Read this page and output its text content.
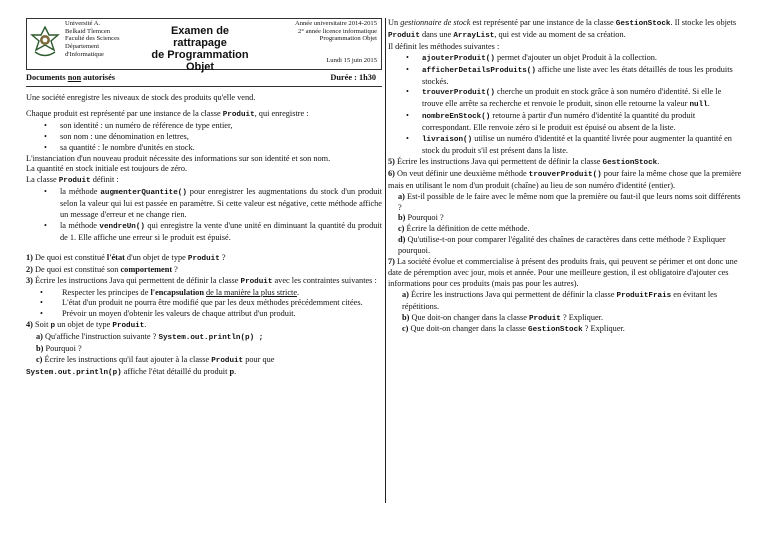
Université A.
Belkaid Tlemcen
Faculté des Sciences
Département
d'Informatique
Examen de rattrapage
de Programmation
Objet
Année universitaire 2014-2015
2° année licence informatique
Programmation Objet
Lundi 15 juin 2015
Documents non autorisés	Durée : 1h30

Une société enregistre les niveaux de stock des produits qu'elle vend.

Chaque produit est représenté par une instance de la classe Produit, qui enregistre :

• son identité : un numéro de référence de type entier,
• son nom : une dénomination en lettres,
• sa quantité : le nombre d'unités en stock.

L'instanciation d'un nouveau produit nécessite des informations sur son identité et son nom.

La quantité en stock initiale est toujours de zéro.

La classe Produit définit :

• la méthode augmenterQuantite() pour enregistrer les augmentations du stock d'un produit selon la valeur qui lui est passée en paramètre. Si cette valeur est négative, cette méthode affiche un message d'erreur et ne change rien.
• la méthode vendreUn() qui enregistre la vente d'une unité en diminuant la quantité du produit de 1. Elle affiche une erreur si le produit est épuisé.

1) De quoi est constitué l'état d'un objet de type Produit ?

2) De quoi est constitué son comportement ?

3) Écrire les instructions Java qui permettent de définir la classe Produit avec les contraintes suivantes :

• Respecter les principes de l'encapsulation de la manière la plus stricte.
• L'état d'un produit ne pourra être modifié que par les deux méthodes précédemment citées.
• Prévoir un moyen d'obtenir les valeurs de chaque attribut d'un produit.

4) Soit p un objet de type Produit.

a) Qu'affiche l'instruction suivante ? System.out.println(p) ;

b) Pourquoi ?

c) Écrire les instructions qu'il faut ajouter à la classe Produit pour que

System.out.println(p) affiche l'état détaillé du produit p.

Un gestionnaire de stock est représenté par une instance de la classe GestionStock. Il stocke les objets Produit dans une ArrayList, qui est vide au moment de sa création.

Il définit les méthodes suivantes :

• ajouterProduit() permet d'ajouter un objet Produit à la collection.
• afficherDetailsProduits() affiche une liste avec les états détaillés de tous les produits stockés.
• trouverProduit() cherche un produit en stock grâce à son numéro d'identité. Si elle le trouve elle arrête sa recherche et renvoie le produit, sinon elle retourne la valeur null.
• nombreEnStock() retourne à partir d'un numéro d'identité la quantité du produit correspondant. Elle renvoie zéro si le produit est épuisé ou absent de la liste.
• livraison() utilise un numéro d'identité et la quantité livrée pour augmenter la quantité en stock du produit s'il est présent dans la liste.

5) Écrire les instructions Java qui permettent de définir la classe GestionStock.

6) On veut définir une deuxième méthode trouverProduit() pour faire la même chose que la première mais en utilisant le nom d'un produit (chaîne) au lieu de son numéro d'identité (entier).

a) Est-il possible de le faire avec le même nom que la première ou faut-il que leurs noms soit différents ?

b) Pourquoi ?

c) Écrire la définition de cette méthode.

d) Qu'utilise-t-on pour comparer l'égalité des chaînes de caractères dans cette méthode ? Expliquer pourquoi.

7) La société évolue et commercialise à présent des produits frais, qui peuvent se périmer et ont donc une date de péremption avec jour, mois et année. Pour une meilleure gestion, il est obligatoire d'ajouter ces informations pour ces produits (mais pas pour les autres).

a) Écrire les instructions Java qui permettent de définir la classe ProduitFrais en évitant les répétitions.

b) Que doit-on changer dans la classe Produit ? Expliquer.

c) Que doit-on changer dans la classe GestionStock ? Expliquer.
